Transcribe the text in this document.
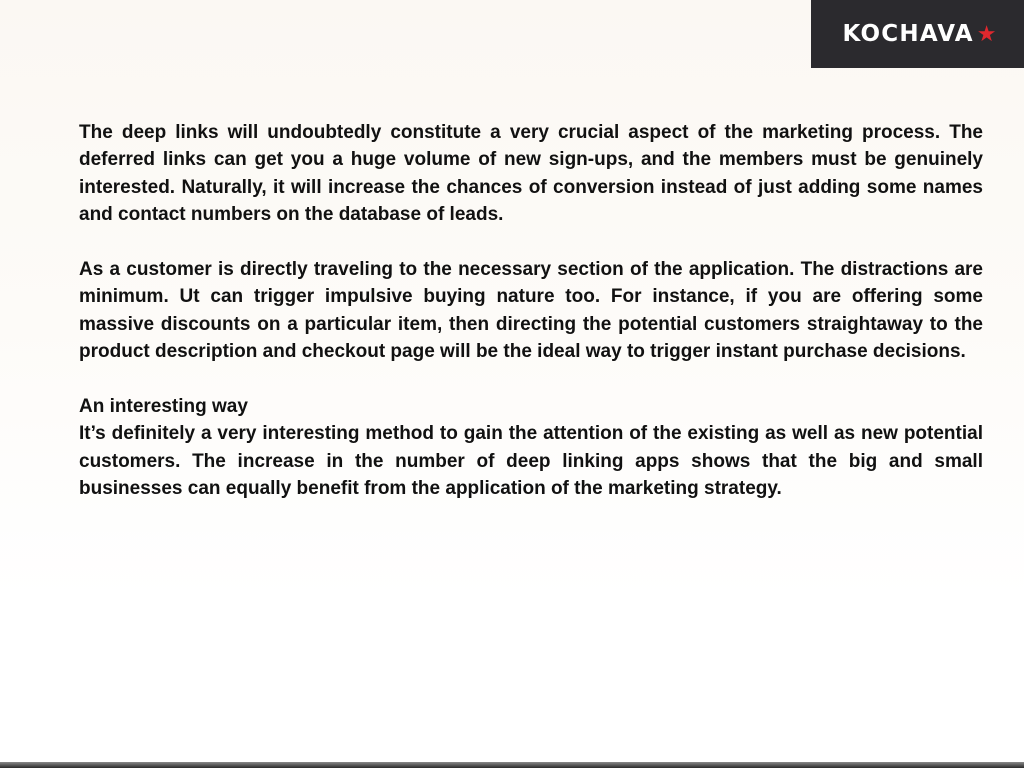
KOCHAVA ★

The deep links will undoubtedly constitute a very crucial aspect of the marketing process. The deferred links can get you a huge volume of new sign-ups, and the members must be genuinely interested. Naturally, it will increase the chances of conversion instead of just adding some names and contact numbers on the database of leads.

As a customer is directly traveling to the necessary section of the application. The distractions are minimum. Ut can trigger impulsive buying nature too. For instance, if you are offering some massive discounts on a particular item, then directing the potential customers straightaway to the product description and checkout page will be the ideal way to trigger instant purchase decisions.

An interesting way

It’s definitely a very interesting method to gain the attention of the existing as well as new potential customers. The increase in the number of deep linking apps shows that the big and small businesses can equally benefit from the application of the marketing strategy.
